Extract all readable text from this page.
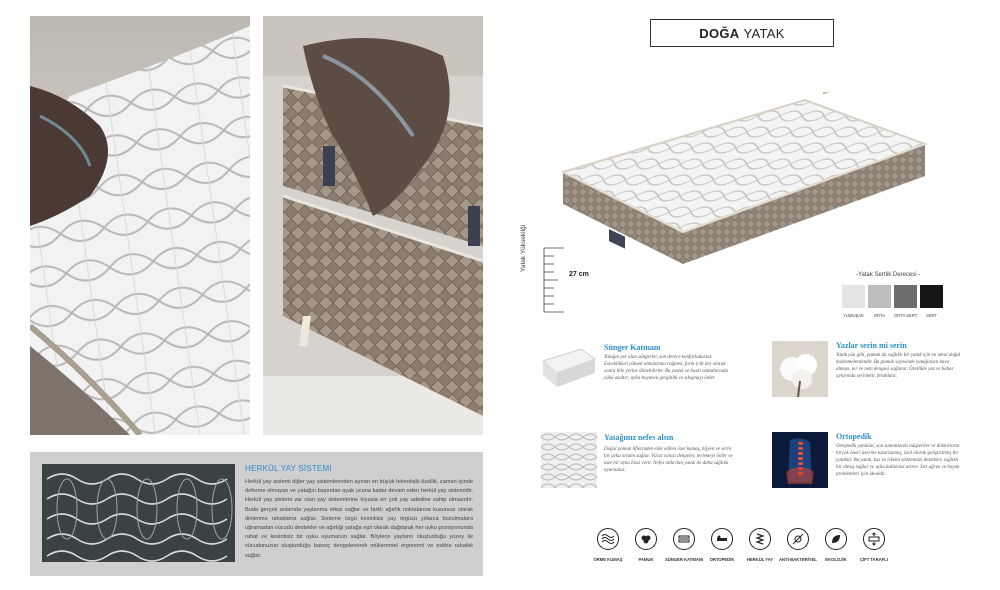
HERKÜL YAY SİSTEMİ
Herkül yay sistemi diğer yay sistemlerinden ayıran en büyük teknolojik özellik, zaman içinde deforme olmayan ve yatağın başından ayak ucuna kadar devam eden herkül yay sistemidir. Herkül yay sistemi var olan yay sistemlerine kıyasla en çok yay adedine sahip olmasıdır. Buda gerçek anlamda yaylanma etkisi sağlar ve farklı ağırlık noktalarına kusursuz olarak dinlenme rahatlama sağlar. Sisteme özgü kesintisiz yay örgüsü yıllarca bozulmalara uğramadan vücudu destekler ve ağırlığı yatağa eşit olarak dağıtarak her uyku pozisyonunda rahat ve kesintisiz bir uyku uyumanızı sağlar. Böylece yayların oluşturduğu yüzey ile vücudunuzun oluşturduğu basınç dengelenerek mükemmel ergonomi ve esktra rahatlık sağlar.
DOĞA YATAK
Yatak Yüksekliği
27 cm	-Yatak Sertlik Derecesi -
YUMUŞAK	ORTA	ORTA SERT	SERT
Sünger Katmanı
Yatağın yer alan süngerler, son derece konforludurlar. Esneklikleri yüksek olmalarına rağmen, form (cilt de) olarak sonra bile yerine dönebilirler. Bu yastık ve baskı noktalarında yükü azaltır; uyku boyunca gerginlik ve sıkışmayı önler.
Yazlar serin mi serin
Yatak yün gibi, pamuk da sağlıklı bir yatak için en ideal doğal malzemelerdendir. Bu pamuk sayesinde yatağınızın hava alması, ter ve nem dengesi sağlanır. Özellikle yaz ve bahar aylarında serinletir, ferahlatır.
Yatağınız nefes alsın
Doğal pamuk liflerinden elde edilen özel kumaş, hijyen ve serin bir uyku ortamı sağlar. Vücut ısınızı dengeler, terlemeyi önler ve taze bir uyku hissi verir. Nefes aldırılan yatak ile daha sağlıklı uyursunuz.
Ortopedik
Ortopedik yataklar, son zamanlarda müşteriler ve doktorların birçok öneri üzerine tasarlanmış, özel olarak geliştirilmiş bir yataktır. Bu yatak, kas ve iskelet sisteminizi destekler, sağlıklı bir duruş sağlar ve uyku kalitenizi artırır. Sırt ağrısı ve boyun problemleri için idealdir.
ÖRME KUMAŞ	PAMUK	SÜNGER KATMANI	ORTOPEDİK	HERKÜL YAY	ANTİ-BAKTERİYEL	EKOLOJİK	ÇİFT TARAFLI
